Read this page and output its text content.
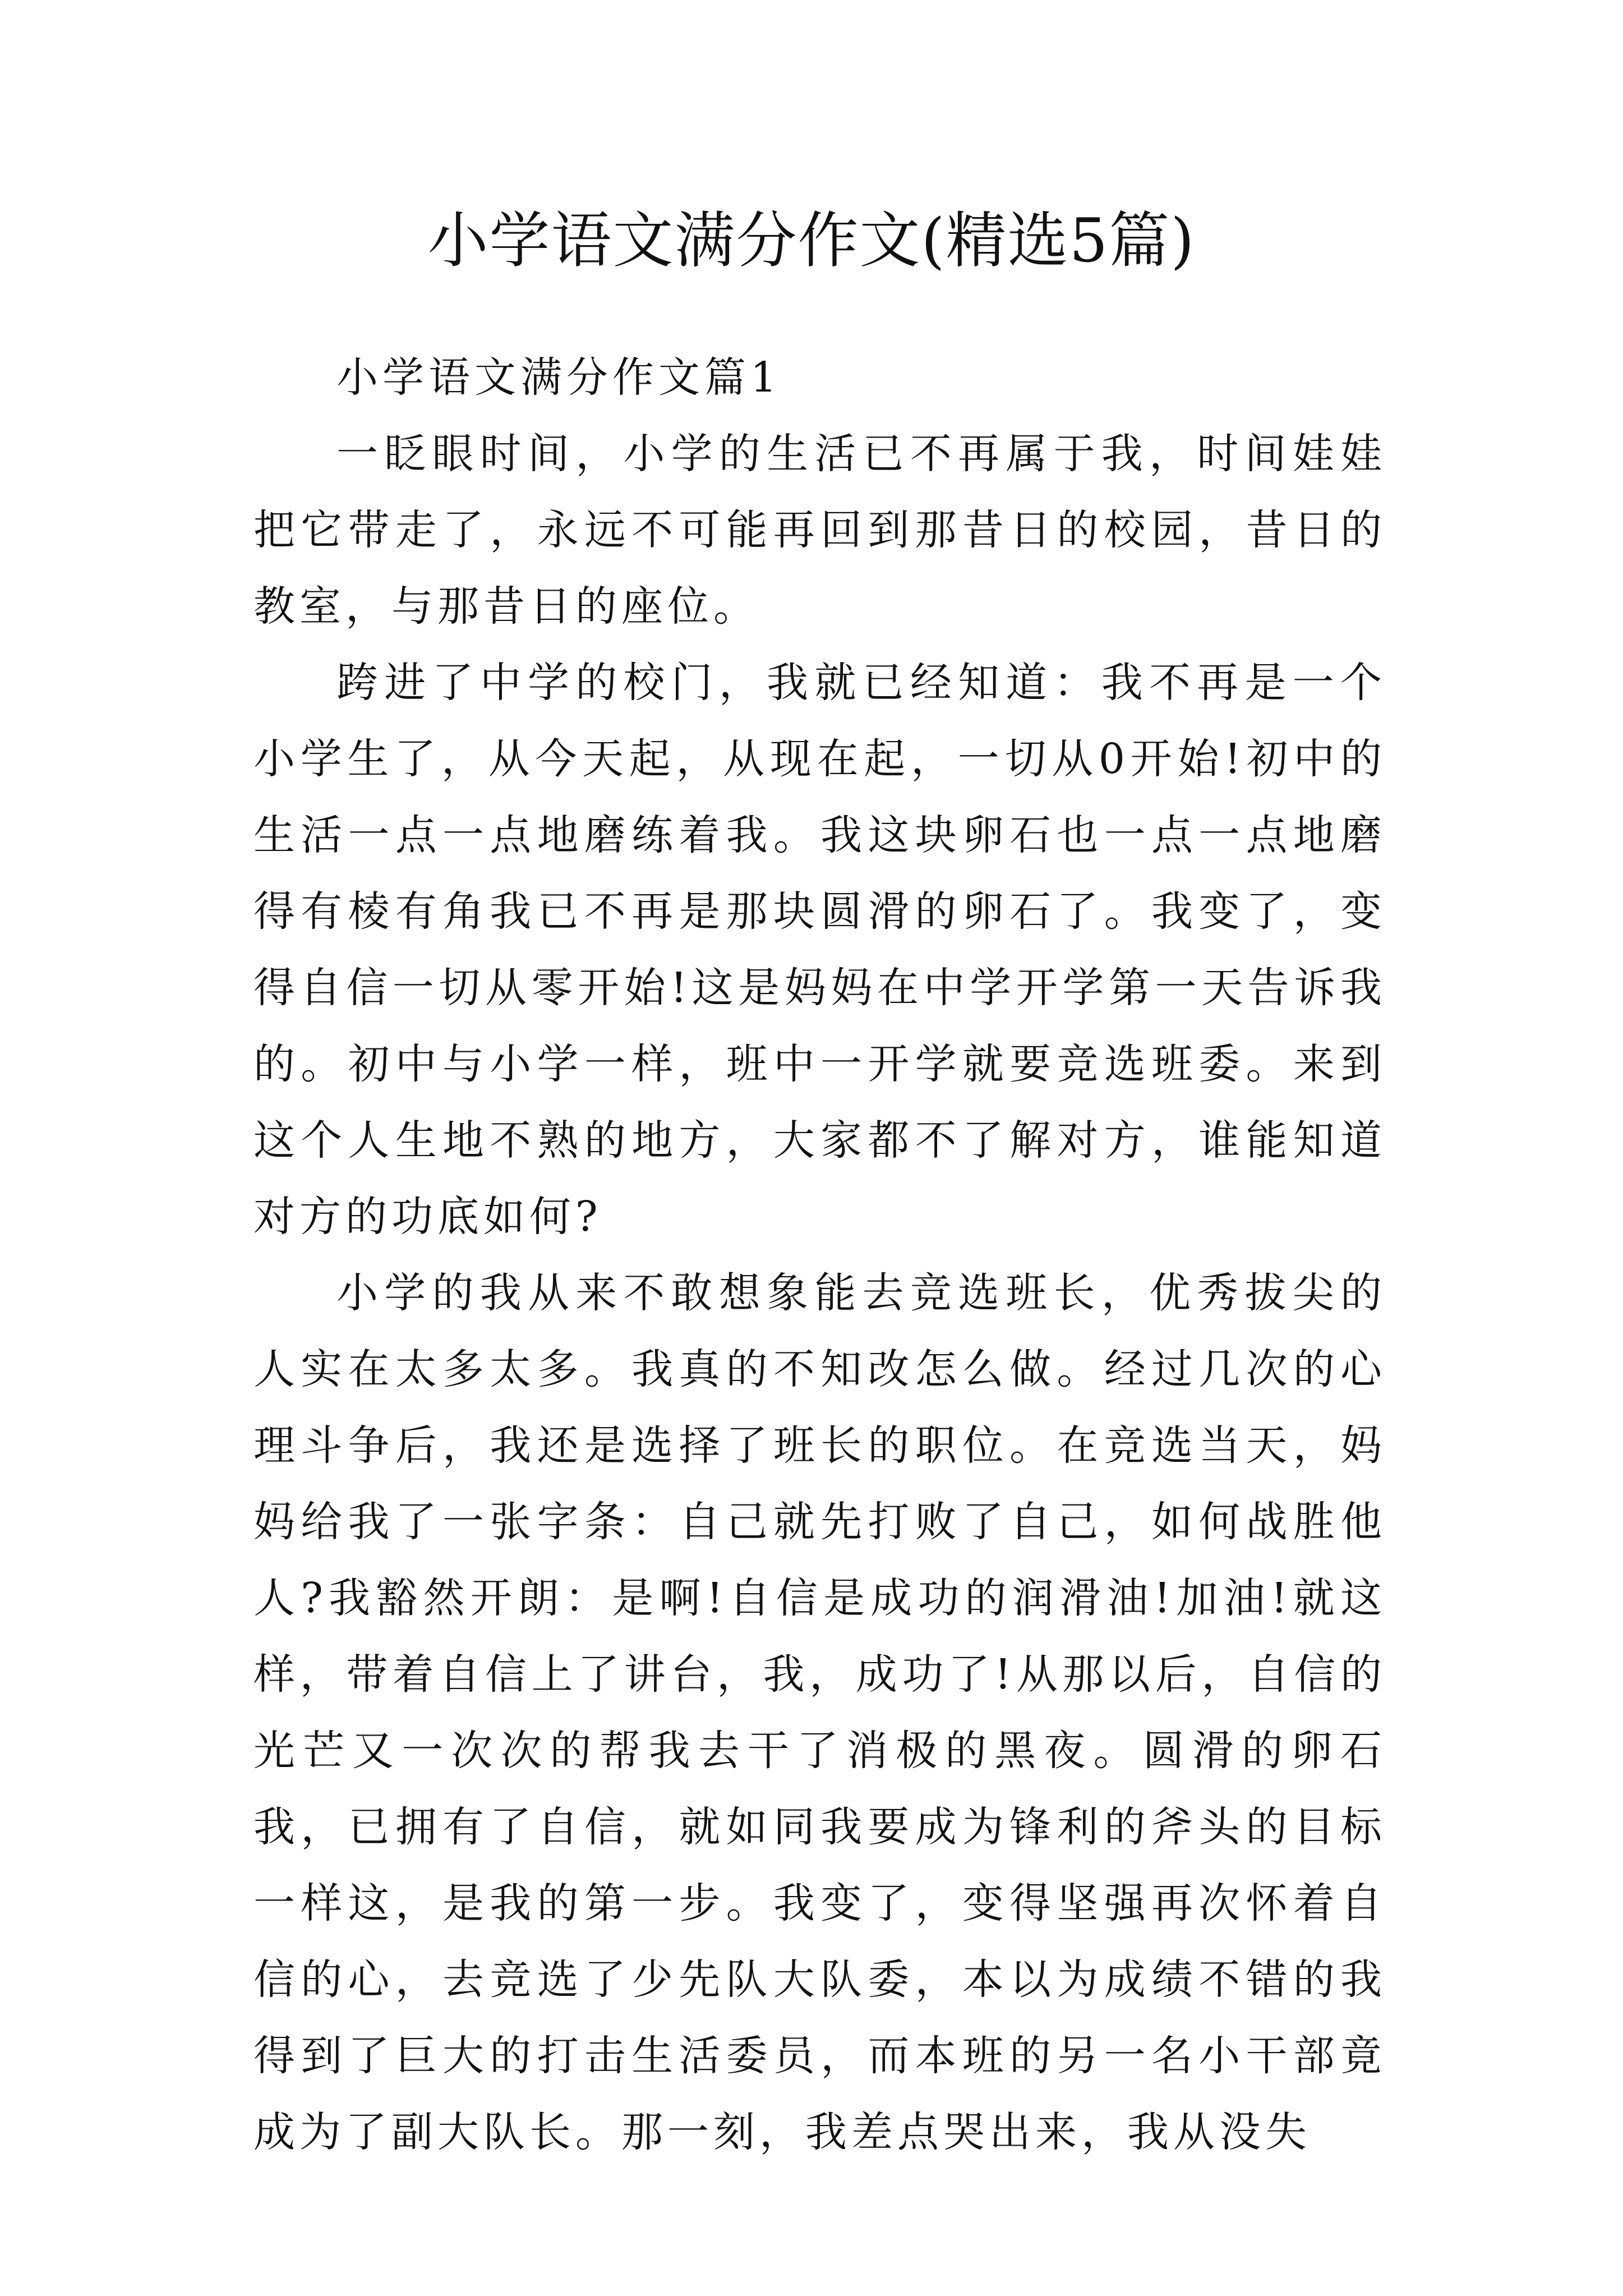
小学语文满分作文(精选5篇)

小学语文满分作文篇1

一眨眼时间，小学的生活已不再属于我，时间娃娃把它带走了，永远不可能再回到那昔日的校园，昔日的教室，与那昔日的座位。

跨进了中学的校门，我就已经知道：我不再是一个小学生了，从今天起，从现在起，一切从0开始!初中的生活一点一点地磨练着我。我这块卵石也一点一点地磨得有棱有角我已不再是那块圆滑的卵石了。我变了，变得自信一切从零开始!这是妈妈在中学开学第一天告诉我的。初中与小学一样，班中一开学就要竞选班委。来到这个人生地不熟的地方，大家都不了解对方，谁能知道对方的功底如何?

小学的我从来不敢想象能去竞选班长，优秀拔尖的人实在太多太多。我真的不知改怎么做。经过几次的心理斗争后，我还是选择了班长的职位。在竞选当天，妈妈给我了一张字条：自己就先打败了自己，如何战胜他人?我豁然开朗：是啊!自信是成功的润滑油!加油!就这样，带着自信上了讲台，我，成功了!从那以后，自信的光芒又一次次的帮我去干了消极的黑夜。圆滑的卵石我，已拥有了自信，就如同我要成为锋利的斧头的目标一样这，是我的第一步。我变了，变得坚强再次怀着自信的心，去竞选了少先队大队委，本以为成绩不错的我得到了巨大的打击生活委员，而本班的另一名小干部竟成为了副大队长。那一刻，我差点哭出来，我从没失
